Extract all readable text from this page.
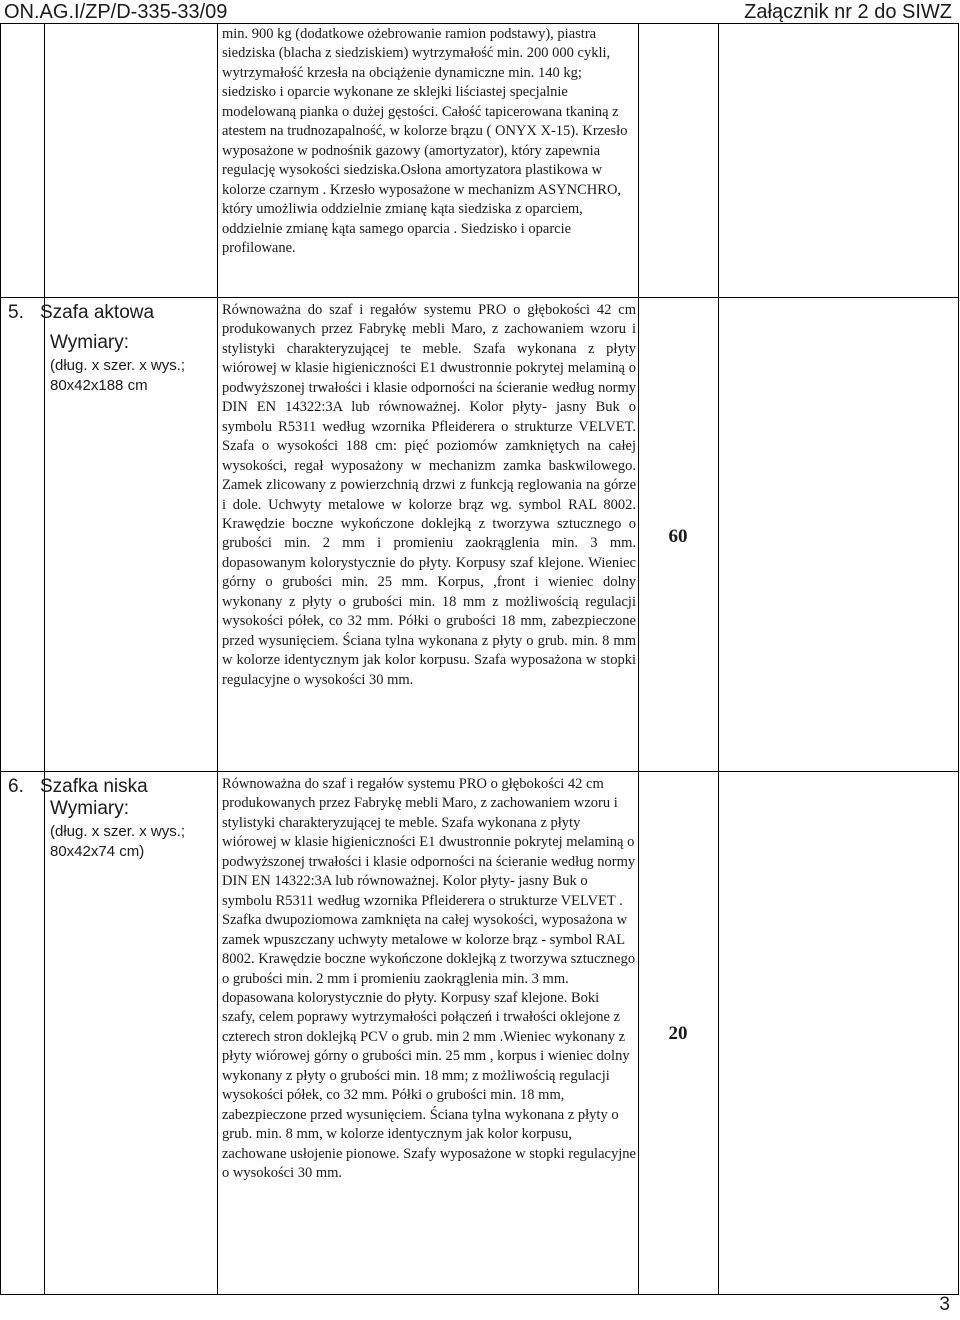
ON.AG.I/ZP/D-335-33/09	Załącznik nr 2 do SIWZ

min. 900 kg (dodatkowe ożebrowanie ramion podstawy), piastra siedziska (blacha z siedziskiem) wytrzymałość min. 200 000 cykli, wytrzymałość krzesła na obciążenie dynamiczne min. 140 kg; siedzisko i oparcie wykonane ze sklejki liściastej specjalnie modelowaną pianka o dużej gęstości. Całość tapicerowana tkaniną z atestem na trudnozapalność, w kolorze brązu ( ONYX X-15). Krzesło wyposażone w podnośnik gazowy (amortyzator), który zapewnia regulację wysokości siedziska.Osłona amortyzatora plastikowa w kolorze czarnym . Krzesło wyposażone w mechanizm ASYNCHRO, który umożliwia oddzielnie zmianę kąta siedziska z oparciem, oddzielnie zmianę kąta samego oparcia . Siedzisko i oparcie profilowane.

5. Szafa aktowa
Wymiary:
(dług. x szer. x wys.;
80x42x188 cm

Równoważna do szaf i regałów systemu PRO o głębokości 42 cm produkowanych przez Fabrykę mebli Maro, z zachowaniem wzoru i stylistyki charakteryzującej te meble. Szafa wykonana z płyty wiórowej w klasie higieniczności E1 dwustronnie pokrytej melaminą o podwyższonej trwałości i klasie odporności na ścieranie według normy DIN EN 14322:3A lub równoważnej. Kolor płyty- jasny Buk o symbolu R5311 według wzornika Pfleiderera o strukturze VELVET. Szafa o wysokości 188 cm: pięć poziomów zamkniętych na całej wysokości, regał wyposażony w mechanizm zamka baskwilowego. Zamek zlicowany z powierzchnią drzwi z funkcją reglowania na górze i dole. Uchwyty metalowe w kolorze brąz wg. symbol RAL 8002. Krawędzie boczne wykończone doklejką z tworzywa sztucznego o grubości min. 2 mm i promieniu zaokrąglenia min. 3 mm. dopasowanym kolorystycznie do płyty. Korpusy szaf klejone. Wieniec górny o grubości min. 25 mm. Korpus, ,front i wieniec dolny wykonany z płyty o grubości min. 18 mm z możliwością regulacji wysokości półek, co 32 mm. Półki o grubości 18 mm, zabezpieczone przed wysunięciem. Ściana tylna wykonana z płyty o grub. min. 8 mm w kolorze identycznym jak kolor korpusu. Szafa wyposażona w stopki regulacyjne o wysokości 30 mm.

60
6. Szafka niska
Wymiary:
(dług. x szer. x wys.;
80x42x74 cm)

Równoważna do szaf i regałów systemu PRO o głębokości 42 cm produkowanych przez Fabrykę mebli Maro, z zachowaniem wzoru i stylistyki charakteryzującej te meble. Szafa wykonana z płyty wiórowej w klasie higieniczności E1 dwustronnie pokrytej melaminą o podwyższonej trwałości i klasie odporności na ścieranie według normy DIN EN 14322:3A lub równoważnej. Kolor płyty- jasny Buk o symbolu R5311 według wzornika Pfleiderera o strukturze VELVET . Szafka dwupoziomowa zamknięta na całej wysokości, wyposażona w zamek wpuszczany uchwyty metalowe w kolorze brąz - symbol RAL 8002. Krawędzie boczne wykończone doklejką z tworzywa sztucznego o grubości min. 2 mm i promieniu zaokrąglenia min. 3 mm. dopasowana kolorystycznie do płyty. Korpusy szaf klejone. Boki szafy, celem poprawy wytrzymałości połączeń i trwałości oklejone z czterech stron doklejką PCV o grub. min 2 mm .Wieniec wykonany z płyty wiórowej górny o grubości min. 25 mm , korpus i wieniec dolny wykonany z płyty o grubości min. 18 mm; z możliwością regulacji wysokości półek, co 32 mm. Półki o grubości min. 18 mm, zabezpieczone przed wysunięciem. Ściana tylna wykonana z płyty o grub. min. 8 mm, w kolorze identycznym jak kolor korpusu, zachowane usłojenie pionowe. Szafy wyposażone w stopki regulacyjne o wysokości 30 mm.

20
3
